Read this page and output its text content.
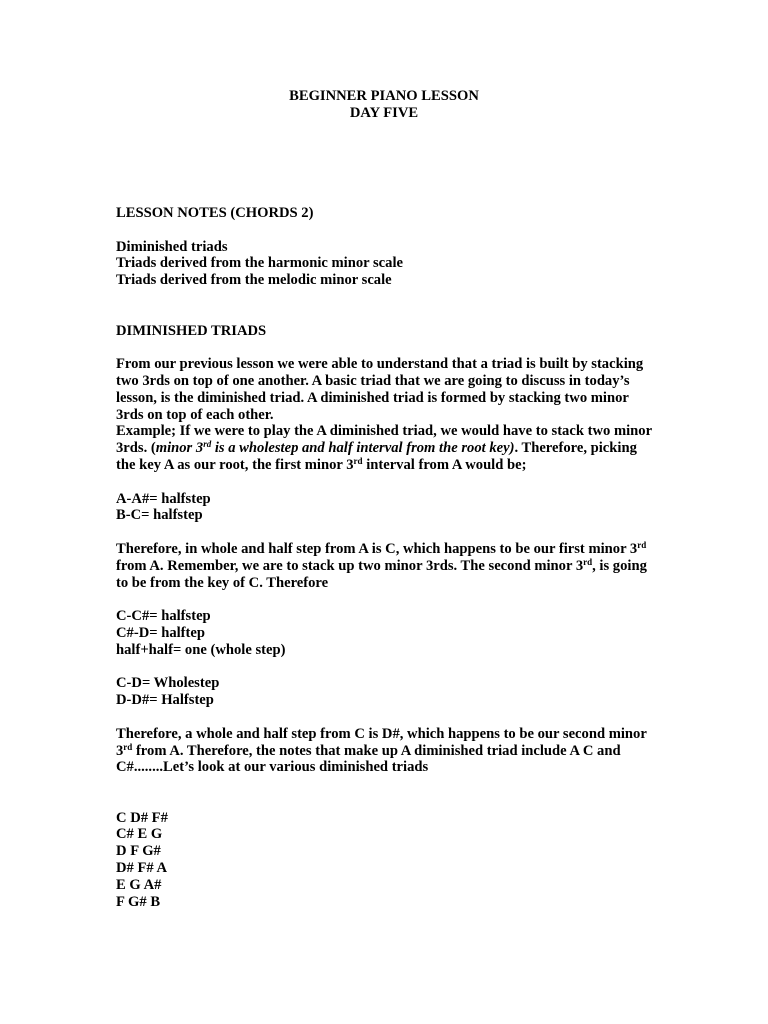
BEGINNER PIANO LESSON
DAY FIVE
LESSON NOTES (CHORDS 2)
Diminished triads
Triads derived from the harmonic minor scale
Triads derived from the melodic minor scale
DIMINISHED TRIADS
From our previous lesson we were able to understand that a triad is built by stacking two 3rds on top of one another. A basic triad that we are going to discuss in today’s lesson, is the diminished triad. A diminished triad is formed by stacking two minor 3rds on top of each other.
Example; If we were to play the A diminished triad, we would have to stack two minor 3rds. (minor 3rd is a wholestep and half interval from the root key). Therefore, picking the key A as our root, the first minor 3rd interval from A would be;
A-A#= halfstep
B-C= halfstep
Therefore, in whole and half step from A is C, which happens to be our first minor 3rd from A. Remember, we are to stack up two minor 3rds. The second minor 3rd, is going to be from the key of C. Therefore
C-C#= halfstep
C#-D= halftep
half+half= one (whole step)
C-D= Wholestep
D-D#= Halfstep
Therefore, a whole and half step from C is D#, which happens to be our second minor 3rd from A. Therefore, the notes that make up A diminished triad include A C and C#........Let’s look at our various diminished triads
C D# F#
C# E G
D F G#
D# F# A
E G A#
F G# B
